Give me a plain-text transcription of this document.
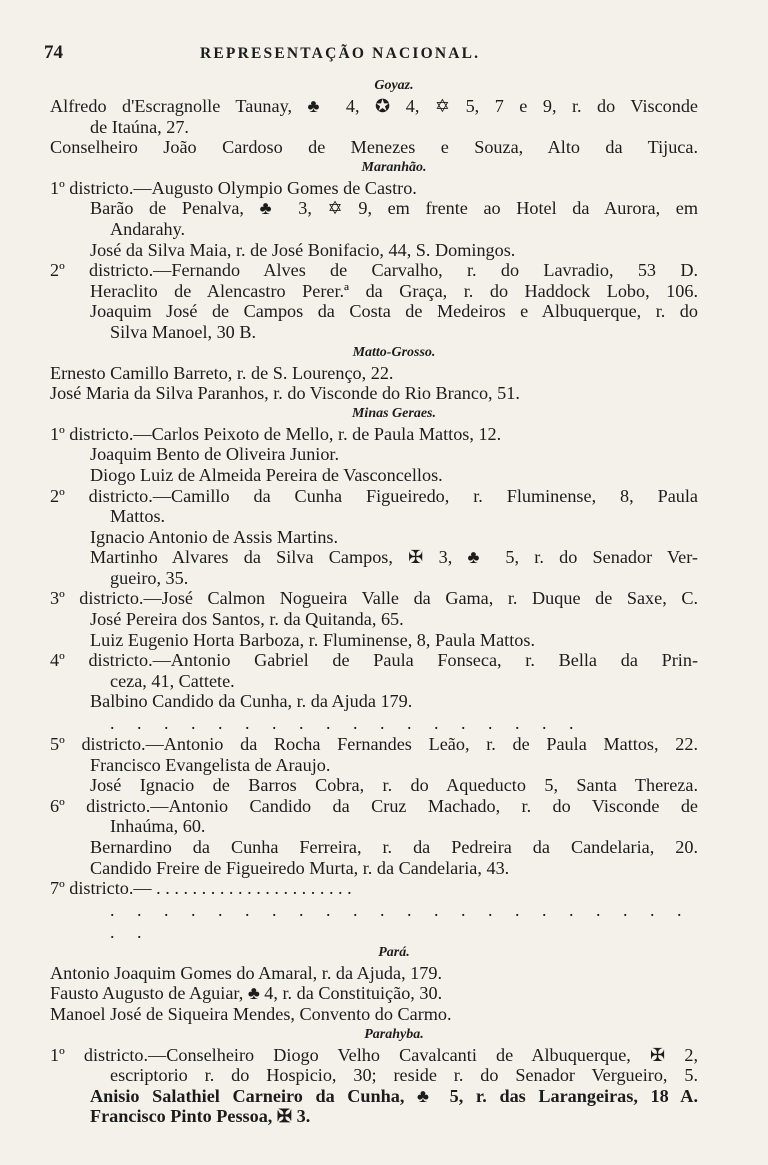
74	REPRESENTAÇÃO NACIONAL.
Goyaz.
Alfredo d'Escragnolle Taunay, ♣ 4, ✪ 4, ✡ 5, 7 e 9, r. do Visconde
de Itaúna, 27.
Conselheiro João Cardoso de Menezes e Souza, Alto da Tijuca.
Maranhão.
1º districto.—Augusto Olympio Gomes de Castro.
Barão de Penalva, ♣ 3, ✡ 9, em frente ao Hotel da Aurora, em
Andarahy.
José da Silva Maia, r. de José Bonifacio, 44, S. Domingos.
2º districto.—Fernando Alves de Carvalho, r. do Lavradio, 53 D.
Heraclito de Alencastro Perer.ª da Graça, r. do Haddock Lobo, 106.
Joaquim José de Campos da Costa de Medeiros e Albuquerque, r. do
Silva Manoel, 30 B.
Matto-Grosso.
Ernesto Camillo Barreto, r. de S. Lourenço, 22.
José Maria da Silva Paranhos, r. do Visconde do Rio Branco, 51.
Minas Geraes.
1º districto.—Carlos Peixoto de Mello, r. de Paula Mattos, 12.
Joaquim Bento de Oliveira Junior.
Diogo Luiz de Almeida Pereira de Vasconcellos.
2º districto.—Camillo da Cunha Figueiredo, r. Fluminense, 8, Paula
Mattos.
Ignacio Antonio de Assis Martins.
Martinho Alvares da Silva Campos, ✠ 3, ♣ 5, r. do Senador Ver-
gueiro, 35.
3º districto.—José Calmon Nogueira Valle da Gama, r. Duque de Saxe, C.
José Pereira dos Santos, r. da Quitanda, 65.
Luiz Eugenio Horta Barboza, r. Fluminense, 8, Paula Mattos.
4º districto.—Antonio Gabriel de Paula Fonseca, r. Bella da Prin-
ceza, 41, Cattete.
Balbino Candido da Cunha, r. da Ajuda 179.
. . . . . . . . . . . . . . . . . .
5º districto.—Antonio da Rocha Fernandes Leão, r. de Paula Mattos, 22.
Francisco Evangelista de Araujo.
José Ignacio de Barros Cobra, r. do Aqueducto 5, Santa Thereza.
6º districto.—Antonio Candido da Cruz Machado, r. do Visconde de
Inhaúma, 60.
Bernardino da Cunha Ferreira, r. da Pedreira da Candelaria, 20.
Candido Freire de Figueiredo Murta, r. da Candelaria, 43.
7º districto.— . . . . . . . . . . . . . . . . . . . . . .
. . . . . . . . . . . . . . . . . . . . . . . .
Pará.
Antonio Joaquim Gomes do Amaral, r. da Ajuda, 179.
Fausto Augusto de Aguiar, ♣ 4, r. da Constituição, 30.
Manoel José de Siqueira Mendes, Convento do Carmo.
Parahyba.
1º districto.—Conselheiro Diogo Velho Cavalcanti de Albuquerque, ✠ 2,
escriptorio r. do Hospicio, 30; reside r. do Senador Vergueiro, 5.
Anisio Salathiel Carneiro da Cunha, ♣ 5, r. das Larangeiras, 18 A.
Francisco Pinto Pessoa, ✠ 3.
